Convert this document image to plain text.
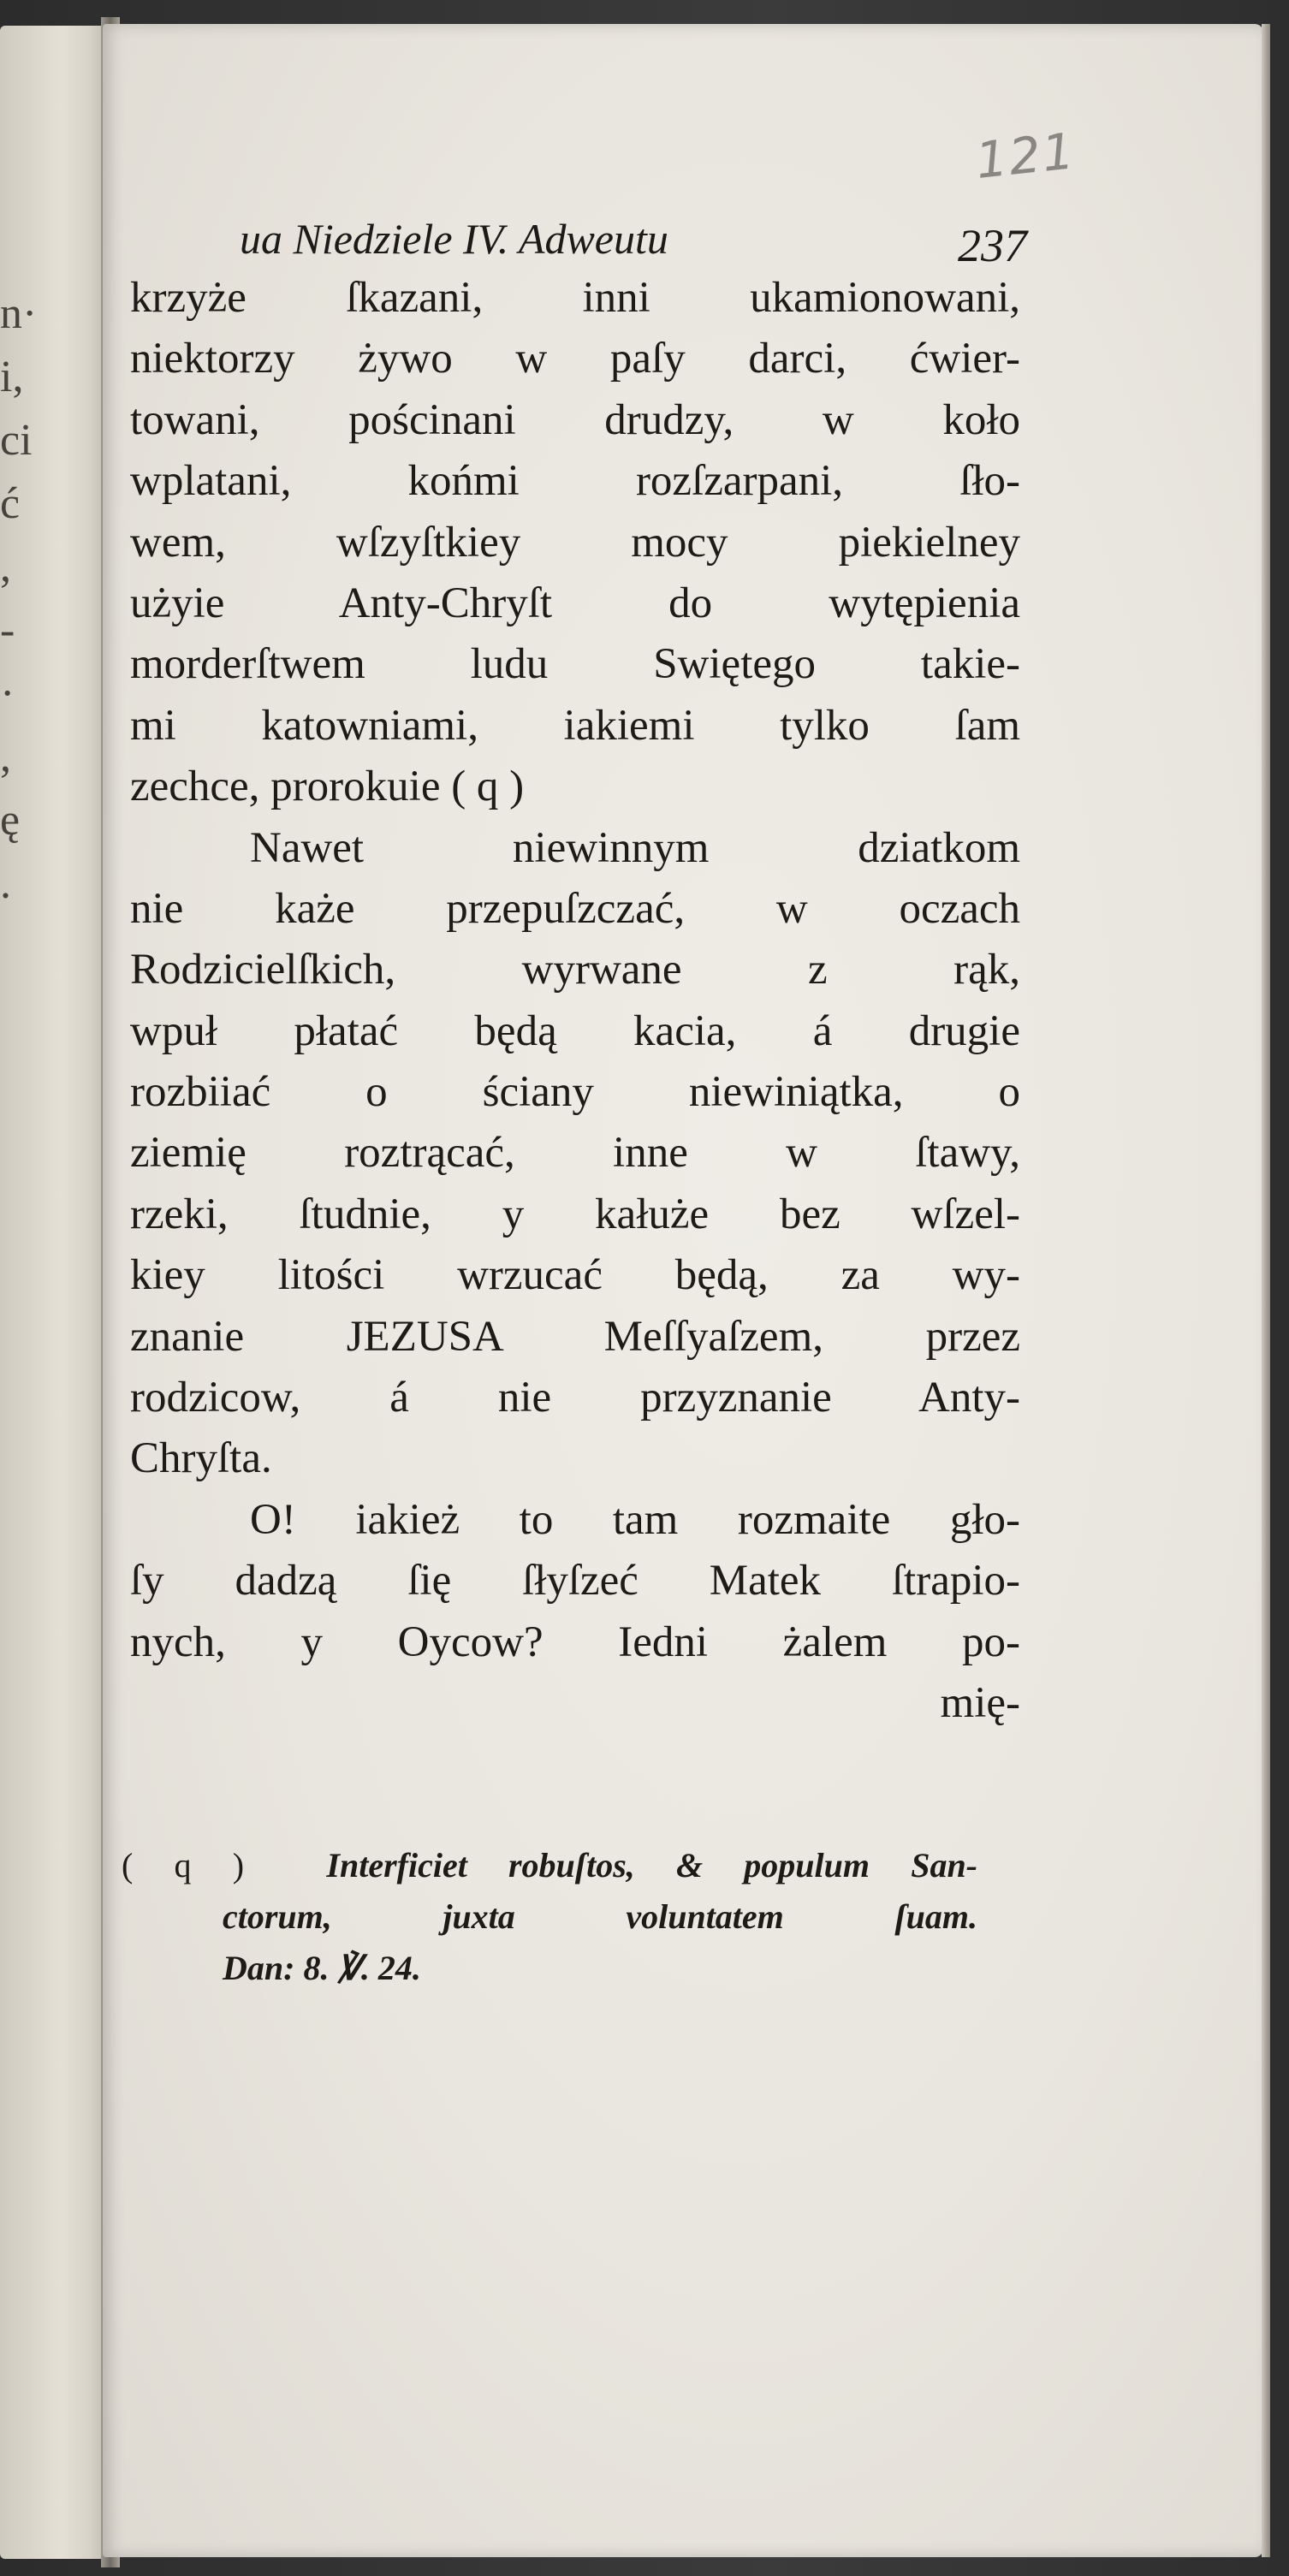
n·
i,
ci
ć
,
-
·
,
ę
.
121
ua Niedziele IV. Adweutu	237
krzyże ſkazani, inni ukamionowani,
niektorzy żywo w paſy darci, ćwier-
towani, pościnani drudzy, w koło
wplatani, końmi rozſzarpani, ſło-
wem, wſzyſtkiey mocy piekielney
użyie Anty-Chryſt do wytępienia
morderſtwem ludu Swiętego takie-
mi katowniami, iakiemi tylko ſam
zechce, prorokuie ( q )
Nawet niewinnym dziatkom
nie każe przepuſzczać, w oczach
Rodzicielſkich, wyrwane z rąk,
wpuł płatać będą kacia, á drugie
rozbiiać o ściany niewiniątka, o
ziemię roztrącać, inne w ſtawy,
rzeki, ſtudnie, y kałuże bez wſzel-
kiey litości wrzucać będą, za wy-
znanie JEZUSA Meſſyaſzem, przez
rodzicow, á nie przyznanie Anty-
Chryſta.
O! iakież to tam rozmaite gło-
ſy dadzą ſię ſłyſzeć Matek ſtrapio-
nych, y Oycow? Iedni żalem po-
mię-
( q ) Interficiet robuſtos, & populum San-
ctorum, juxta voluntatem ſuam.
Dan: 8. ℣. 24.
